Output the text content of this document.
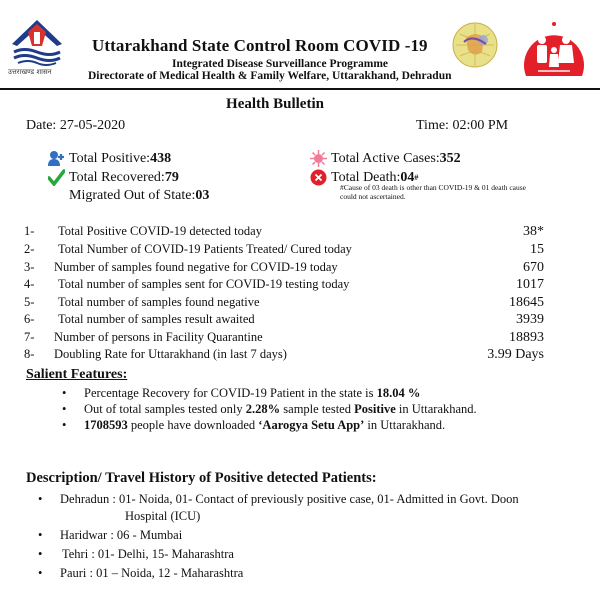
उत्तराखण्ड शासन
Uttarakhand State Control Room COVID -19
Integrated Disease Surveillance Programme
Directorate of Medical Health & Family Welfare, Uttarakhand, Dehradun
Health Bulletin
Date: 27-05-2020	Time: 02:00 PM
Total Positive: 438
Total Recovered: 79
Migrated Out of State: 03
Total Active Cases: 352
Total Death: 04 #
#Cause of 03 death is other than COVID-19 & 01 death cause could not ascertained.
1- Total Positive COVID-19 detected today	38*
2- Total Number of COVID-19 Patients Treated/ Cured today	15
3- Number of samples found negative for COVID-19 today	670
4- Total number of samples sent for COVID-19 testing today	1017
5- Total number of samples found negative	18645
6- Total number of samples result awaited	3939
7- Number of persons in Facility Quarantine	18893
8- Doubling Rate for Uttarakhand (in last 7 days)	3.99 Days
Salient Features:
• Percentage Recovery for COVID-19 Patient in the state is 18.04 %
• Out of total samples tested only 2.28% sample tested Positive in Uttarakhand.
• 1708593 people have downloaded ‘Aarogya Setu App’ in Uttarakhand.
Description/ Travel History of Positive detected Patients:
• Dehradun : 01- Noida, 01- Contact of previously positive case, 01- Admitted in Govt. Doon
Hospital (ICU)
• Haridwar : 06 - Mumbai
• Tehri : 01- Delhi, 15- Maharashtra
• Pauri : 01 – Noida, 12 - Maharashtra
